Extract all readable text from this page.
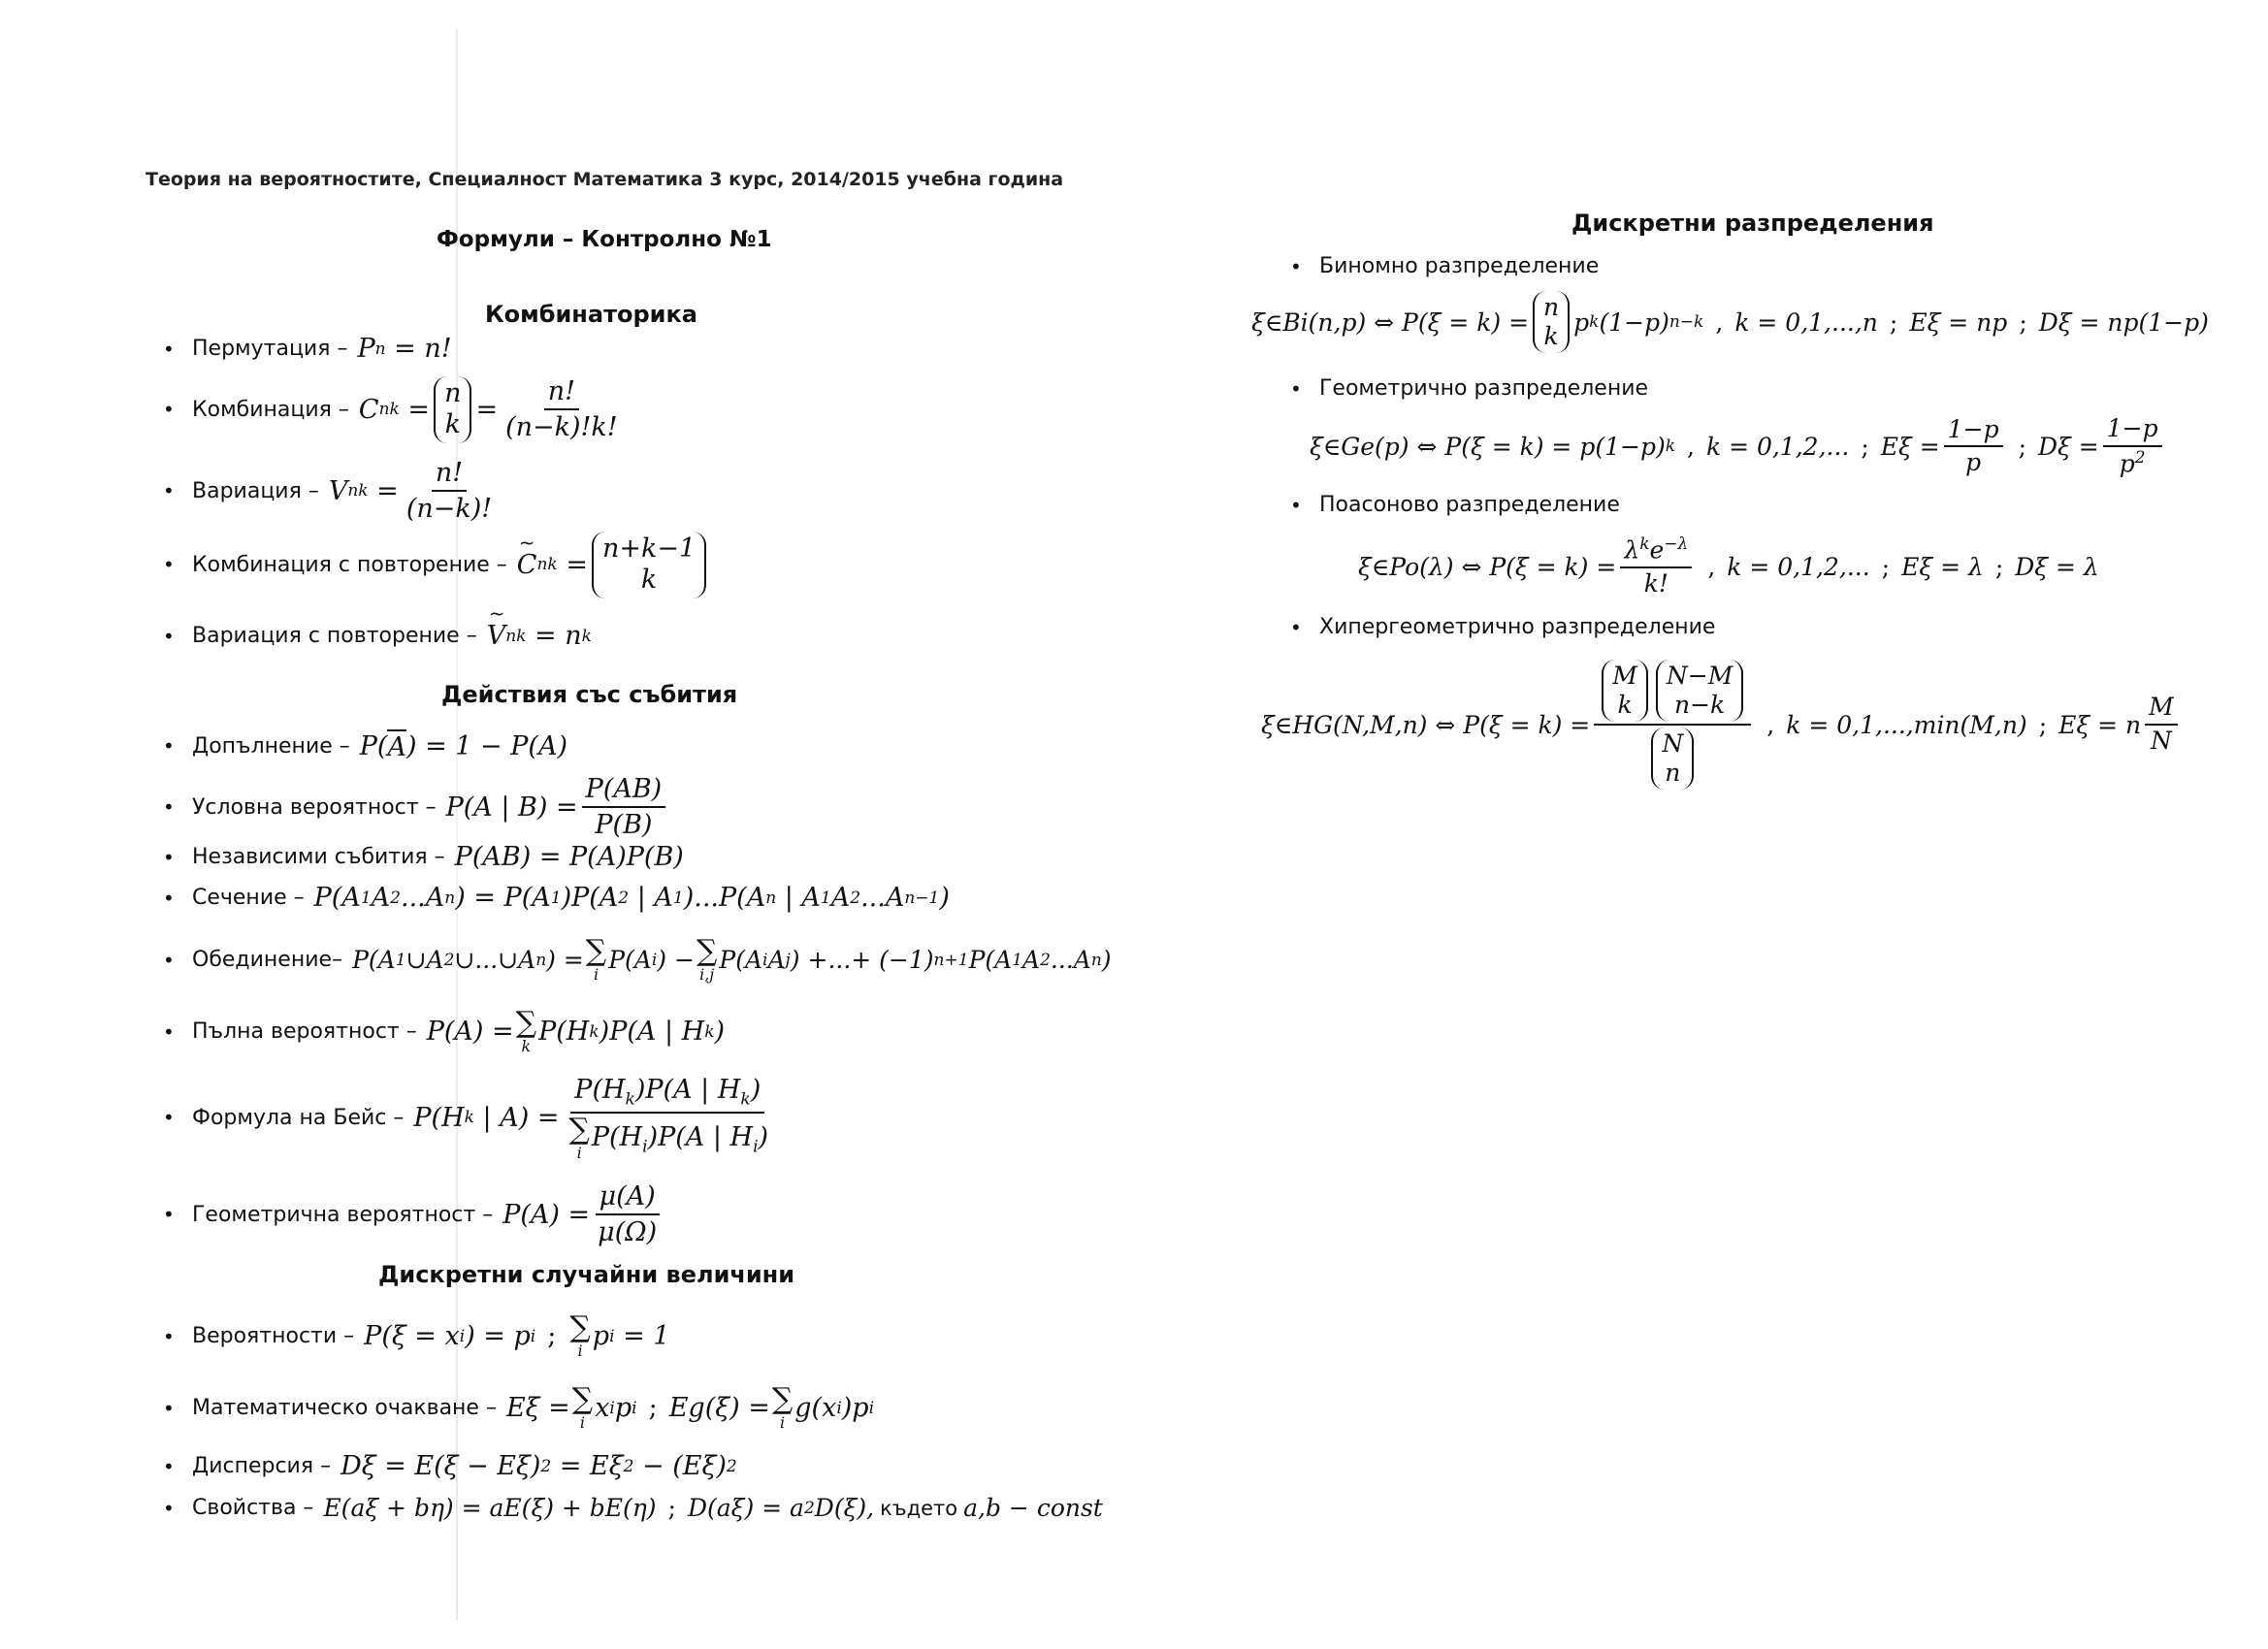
Теория на вероятностите, Специалност Математика 3 курс, 2014/2015 учебна година
Формули – Контролно №1
Комбинаторика
• Пермутация – P n = n!
• Комбинация – C n k =
n
$k = \frac{n!}{(n-k)!k!}$
• Вариация – V n $k = \frac{n!}{(n-k)!}$
• Комбинация с повторение – ~ C n k =
n+k−1
k
• Вариация с повторение – ~ V n k = n k
Действия със събития
• Допълнение – P( A ) = 1 − P(A)
• Условна вероятност – P(A | $B) = \frac{P(AB)}{P(B)}$
• Независими събития – P(AB) = P(A)P(B)
• Сечение – P(A 1 A 2 ...A n ) = P(A 1 )P(A 2 | A 1 )...P(A n | A 1 A 2 ...A n−1 )
• Обединение– P(A 1 ∪A 2 ∪...∪A n ) = ∑
i
P(A i ) − ∑
i,j
P(A i A j ) +...+ (−1) n+1 P(A 1 A 2 ...A n )
• Пълна вероятност – P(A) = ∑
k P(H k )P(A | H k )
• Формула на Бейс – P(H k | $A) = P(H_k)P(A$ | $H_k$)
∑
i
$P(H_i)P(A$ | $H_i$)
• Геометрична вероятност – $P(A) = \frac{\mu(A)}{\mu(\Omega)}$
Дискретни случайни величини
• Вероятности – P(ξ = x i ) = p i ; ∑
i p i = 1
• Математическо очакване – Eξ = ∑
i x i p i ; Eg(ξ) = ∑
i g(x i )p i
• Дисперсия – Dξ = E(ξ − Eξ) 2 = Eξ 2 − (Eξ) 2
• Свойства – E(aξ + bη) = aE(ξ) + bE(η) ; D(aξ) = a 2 D(ξ), където a,b − const
Дискретни разпределения
• Биномно разпределение
ξ∈Bi(n,p) ⇔ P(ξ = k) =
n
k p k (1−p) n−k , k = 0,1,...,n ; Eξ = np ; Dξ = np(1−p)
• Геометрично разпределение
ξ∈Ge(p) ⇔ P(ξ = k) = p(1−p) k , k = 0,1,2,... ; $E\xi = \frac{1-p}{p}$ ; $D\xi = \frac{1-p}{p^2}$
• Поасоново разпределение
ξ∈Po(λ) ⇔ $P(\xi = k) = \frac{\lambda^ke^{-\lambda}}{k!}$ , k = 0,1,2,... ; Eξ = λ ; Dξ = λ
• Хипергеометрично разпределение
ξ∈HG(N,M,n) ⇔ P(ξ = k) = M
k
N−M
n−k
N
n , k = 0,1,...,min(M,n) ; Eξ = n $\frac{M}{N}$
